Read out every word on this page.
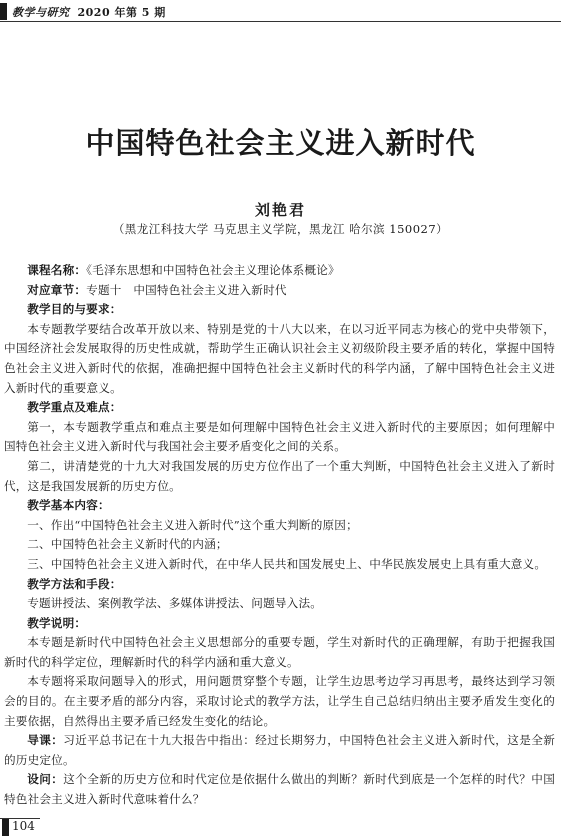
教学与研究 2020 年第 5 期
中国特色社会主义进入新时代
刘艳君
（黑龙江科技大学 马克思主义学院，黑龙江 哈尔滨 150027）

课程名称：《毛泽东思想和中国特色社会主义理论体系概论》

对应章节：专题十　中国特色社会主义进入新时代

教学目的与要求：

本专题教学要结合改革开放以来、特别是党的十八大以来，在以习近平同志为核心的党中央带领下，中国经济社会发展取得的历史性成就，帮助学生正确认识社会主义初级阶段主要矛盾的转化，掌握中国特色社会主义进入新时代的依据，准确把握中国特色社会主义新时代的科学内涵，了解中国特色社会主义进入新时代的重要意义。

教学重点及难点：

第一，本专题教学重点和难点主要是如何理解中国特色社会主义进入新时代的主要原因；如何理解中国特色社会主义进入新时代与我国社会主要矛盾变化之间的关系。

第二，讲清楚党的十九大对我国发展的历史方位作出了一个重大判断，中国特色社会主义进入了新时代，这是我国发展新的历史方位。

教学基本内容：

一、作出“中国特色社会主义进入新时代”这个重大判断的原因；

二、中国特色社会主义新时代的内涵；

三、中国特色社会主义进入新时代，在中华人民共和国发展史上、中华民族发展史上具有重大意义。

教学方法和手段：

专题讲授法、案例教学法、多媒体讲授法、问题导入法。

教学说明：

本专题是新时代中国特色社会主义思想部分的重要专题，学生对新时代的正确理解，有助于把握我国新时代的科学定位，理解新时代的科学内涵和重大意义。

本专题将采取问题导入的形式，用问题贯穿整个专题，让学生边思考边学习再思考，最终达到学习领会的目的。在主要矛盾的部分内容，采取讨论式的教学方法，让学生自己总结归纳出主要矛盾发生变化的主要依据，自然得出主要矛盾已经发生变化的结论。

导课：习近平总书记在十九大报告中指出：经过长期努力，中国特色社会主义进入新时代，这是全新的历史定位。

设问：这个全新的历史方位和时代定位是依据什么做出的判断？新时代到底是一个怎样的时代？中国特色社会主义进入新时代意味着什么？

104
